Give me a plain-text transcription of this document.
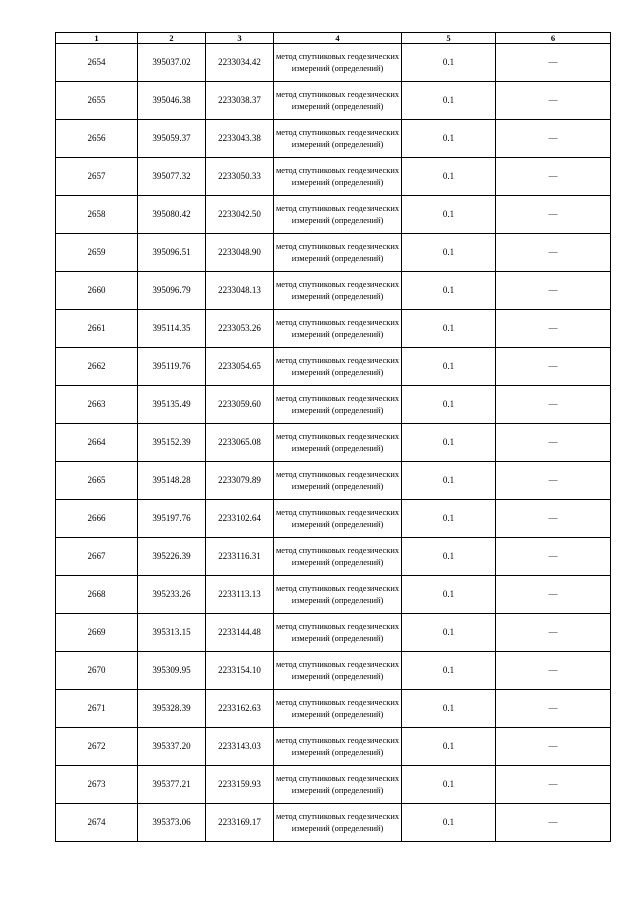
1	2	3	4	5	6
2654	395037.02	2233034.42	метод спутниковых геодезических измерений (определений)	0.1	—
2655	395046.38	2233038.37	метод спутниковых геодезических измерений (определений)	0.1	—
2656	395059.37	2233043.38	метод спутниковых геодезических измерений (определений)	0.1	—
2657	395077.32	2233050.33	метод спутниковых геодезических измерений (определений)	0.1	—
2658	395080.42	2233042.50	метод спутниковых геодезических измерений (определений)	0.1	—
2659	395096.51	2233048.90	метод спутниковых геодезических измерений (определений)	0.1	—
2660	395096.79	2233048.13	метод спутниковых геодезических измерений (определений)	0.1	—
2661	395114.35	2233053.26	метод спутниковых геодезических измерений (определений)	0.1	—
2662	395119.76	2233054.65	метод спутниковых геодезических измерений (определений)	0.1	—
2663	395135.49	2233059.60	метод спутниковых геодезических измерений (определений)	0.1	—
2664	395152.39	2233065.08	метод спутниковых геодезических измерений (определений)	0.1	—
2665	395148.28	2233079.89	метод спутниковых геодезических измерений (определений)	0.1	—
2666	395197.76	2233102.64	метод спутниковых геодезических измерений (определений)	0.1	—
2667	395226.39	2233116.31	метод спутниковых геодезических измерений (определений)	0.1	—
2668	395233.26	2233113.13	метод спутниковых геодезических измерений (определений)	0.1	—
2669	395313.15	2233144.48	метод спутниковых геодезических измерений (определений)	0.1	—
2670	395309.95	2233154.10	метод спутниковых геодезических измерений (определений)	0.1	—
2671	395328.39	2233162.63	метод спутниковых геодезических измерений (определений)	0.1	—
2672	395337.20	2233143.03	метод спутниковых геодезических измерений (определений)	0.1	—
2673	395377.21	2233159.93	метод спутниковых геодезических измерений (определений)	0.1	—
2674	395373.06	2233169.17	метод спутниковых геодезических измерений (определений)	0.1	—
